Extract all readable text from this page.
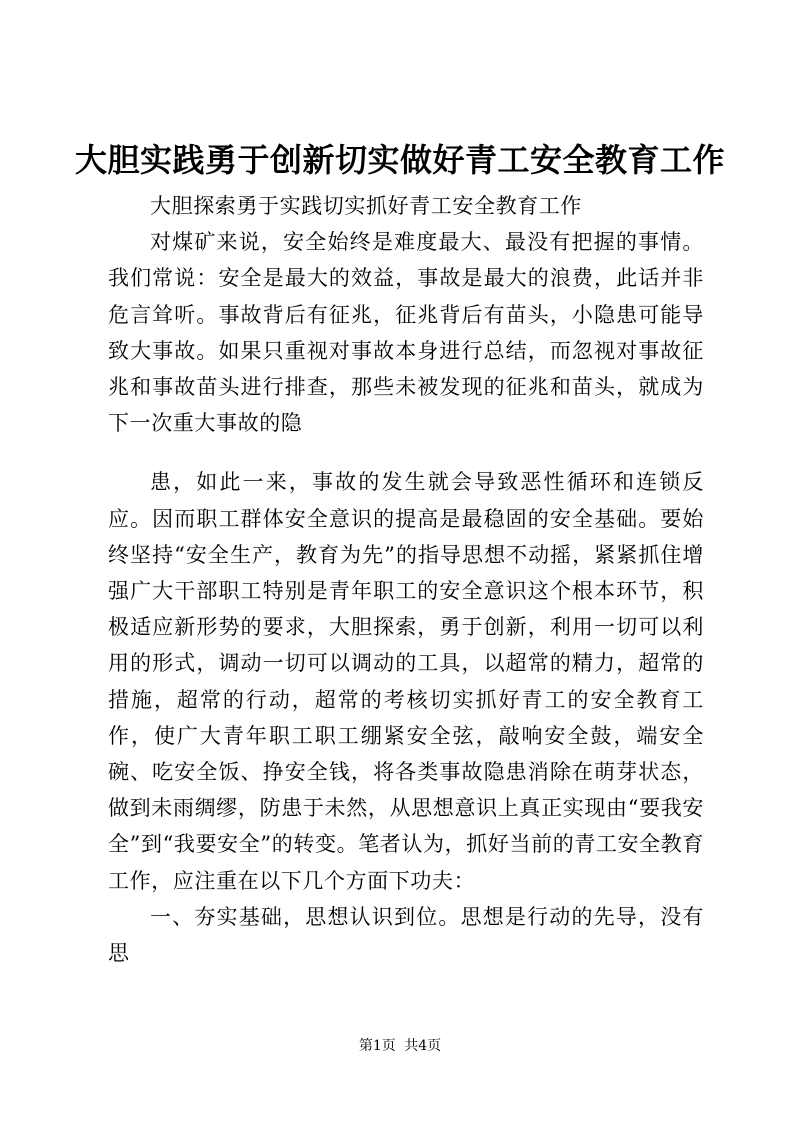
大胆实践勇于创新切实做好青工安全教育工作

大胆探索勇于实践切实抓好青工安全教育工作

对煤矿来说，安全始终是难度最大、最没有把握的事情。我们常说：安全是最大的效益，事故是最大的浪费，此话并非危言耸听。事故背后有征兆，征兆背后有苗头，小隐患可能导致大事故。如果只重视对事故本身进行总结，而忽视对事故征兆和事故苗头进行排查，那些未被发现的征兆和苗头，就成为下一次重大事故的隐

患，如此一来，事故的发生就会导致恶性循环和连锁反应。因而职工群体安全意识的提高是最稳固的安全基础。要始终坚持“安全生产，教育为先”的指导思想不动摇，紧紧抓住增强广大干部职工特别是青年职工的安全意识这个根本环节，积极适应新形势的要求，大胆探索，勇于创新，利用一切可以利用的形式，调动一切可以调动的工具，以超常的精力，超常的措施，超常的行动，超常的考核切实抓好青工的安全教育工作，使广大青年职工职工绷紧安全弦，敲响安全鼓，端安全碗、吃安全饭、挣安全钱，将各类事故隐患消除在萌芽状态，做到未雨绸缪，防患于未然，从思想意识上真正实现由“要我安全”到“我要安全”的转变。笔者认为，抓好当前的青工安全教育工作，应注重在以下几个方面下功夫：

一、夯实基础，思想认识到位。思想是行动的先导，没有思

第1页 共4页
